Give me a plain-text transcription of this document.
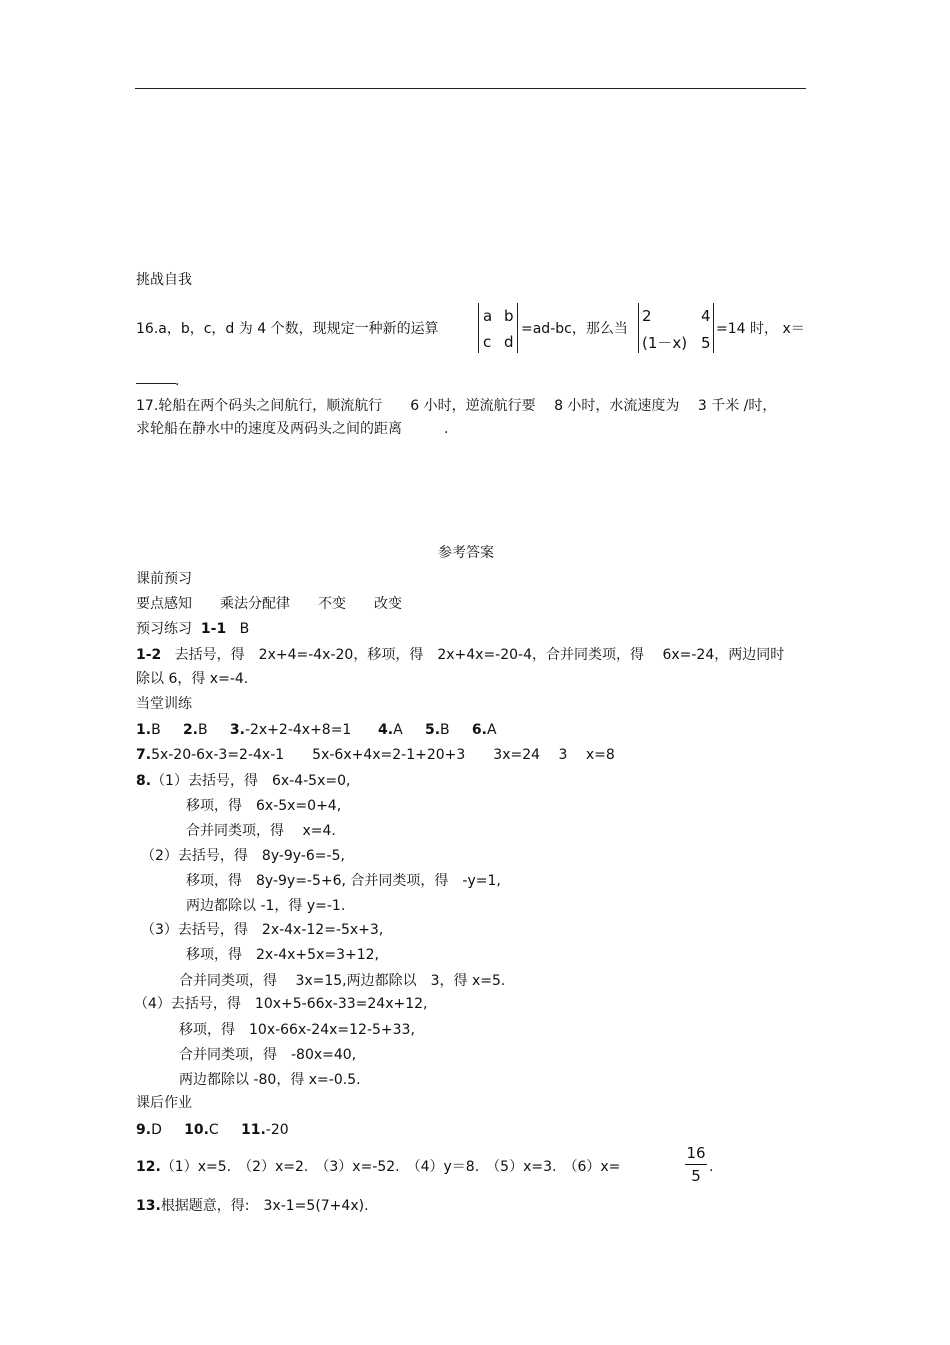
挑战自我
16.a，b，c，d 为 4 个数，现规定一种新的运算
a b
c d
=ad-bc，那么当
2	4
(1－x) 5
=14 时， x＝
.
17.轮船在两个码头之间航行，顺流航行　　6 小时，逆流航行要　 8 小时，水流速度为　 3 千米 /时，
求轮船在静水中的速度及两码头之间的距离　　　.
参考答案
课前预习
要点感知　　乘法分配律　　不变　　改变
预习练习 1-1 B
1-2 去括号，得　2x+4=-4x-20，移项，得　2x+4x=-20-4，合并同类项，得　 6x=-24，两边同时
除以 6，得 x=-4.
当堂训练
1.B 2.B 3.-2x+2-4x+8=1 4.A 5.B 6.A
7.5x-20-6x-3=2-4x-1　　5x-6x+4x=2-1+20+3　　3x=24　 3　 x=8
8.（1）去括号，得　6x-4-5x=0,
移项，得　6x-5x=0+4,
合并同类项，得　 x=4.
（2）去括号，得　8y-9y-6=-5,
移项，得　8y-9y=-5+6, 合并同类项，得　-y=1,
两边都除以 -1，得 y=-1.
（3）去括号，得　2x-4x-12=-5x+3,
移项，得　2x-4x+5x=3+12,
合并同类项，得　 3x=15,两边都除以　3，得 x=5.
（4）去括号，得　10x+5-66x-33=24x+12,
移项，得　10x-66x-24x=12-5+33,
合并同类项，得　-80x=40,
两边都除以 -80，得 x=-0.5.
课后作业
9.D 10.C 11.-20
12.（1）x=5.　（2）x=2.　（3）x=-52.　（4）y＝8.　（5）x=3.　（6）x=
16
5 .
13.根据题意，得:　3x-1=5(7+4x).
